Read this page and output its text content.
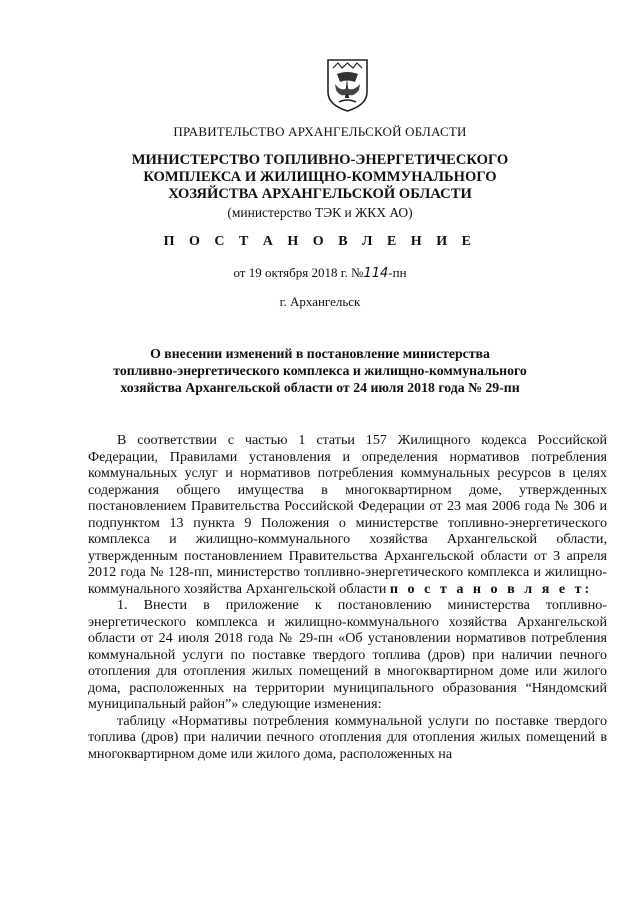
ПРАВИТЕЛЬСТВО АРХАНГЕЛЬСКОЙ ОБЛАСТИ
МИНИСТЕРСТВО ТОПЛИВНО-ЭНЕРГЕТИЧЕСКОГО
КОМПЛЕКСА И ЖИЛИЩНО-КОММУНАЛЬНОГО
ХОЗЯЙСТВА АРХАНГЕЛЬСКОЙ ОБЛАСТИ
(министерство ТЭК и ЖКХ АО)
П О С Т А Н О В Л Е Н И Е
от 19 октября 2018 г. №114-пн
г. Архангельск
О внесении изменений в постановление министерства
топливно-энергетического комплекса и жилищно-коммунального
хозяйства Архангельской области от 24 июля 2018 года № 29-пн

В соответствии с частью 1 статьи 157 Жилищного кодекса Российской Федерации, Правилами установления и определения нормативов потребления коммунальных услуг и нормативов потребления коммунальных ресурсов в целях содержания общего имущества в многоквартирном доме, утвержденных постановлением Правительства Российской Федерации от 23 мая 2006 года № 306 и подпунктом 13 пункта 9 Положения о министерстве топливно-энергетического комплекса и жилищно-коммунального хозяйства Архангельской области, утвержденным постановлением Правительства Архангельской области от 3 апреля 2012 года № 128-пп, министерство топливно-энергетического комплекса и жилищно-коммунального хозяйства Архангельской области п о с т а н о в л я е т:

1. Внести в приложение к постановлению министерства топливно-энергетического комплекса и жилищно-коммунального хозяйства Архангельской области от 24 июля 2018 года № 29-пн «Об установлении нормативов потребления коммунальной услуги по поставке твердого топлива (дров) при наличии печного отопления для отопления жилых помещений в многоквартирном доме или жилого дома, расположенных на территории муниципального образования “Няндомский муниципальный район”» следующие изменения:

таблицу «Нормативы потребления коммунальной услуги по поставке твердого топлива (дров) при наличии печного отопления для отопления жилых помещений в многоквартирном доме или жилого дома, расположенных на
